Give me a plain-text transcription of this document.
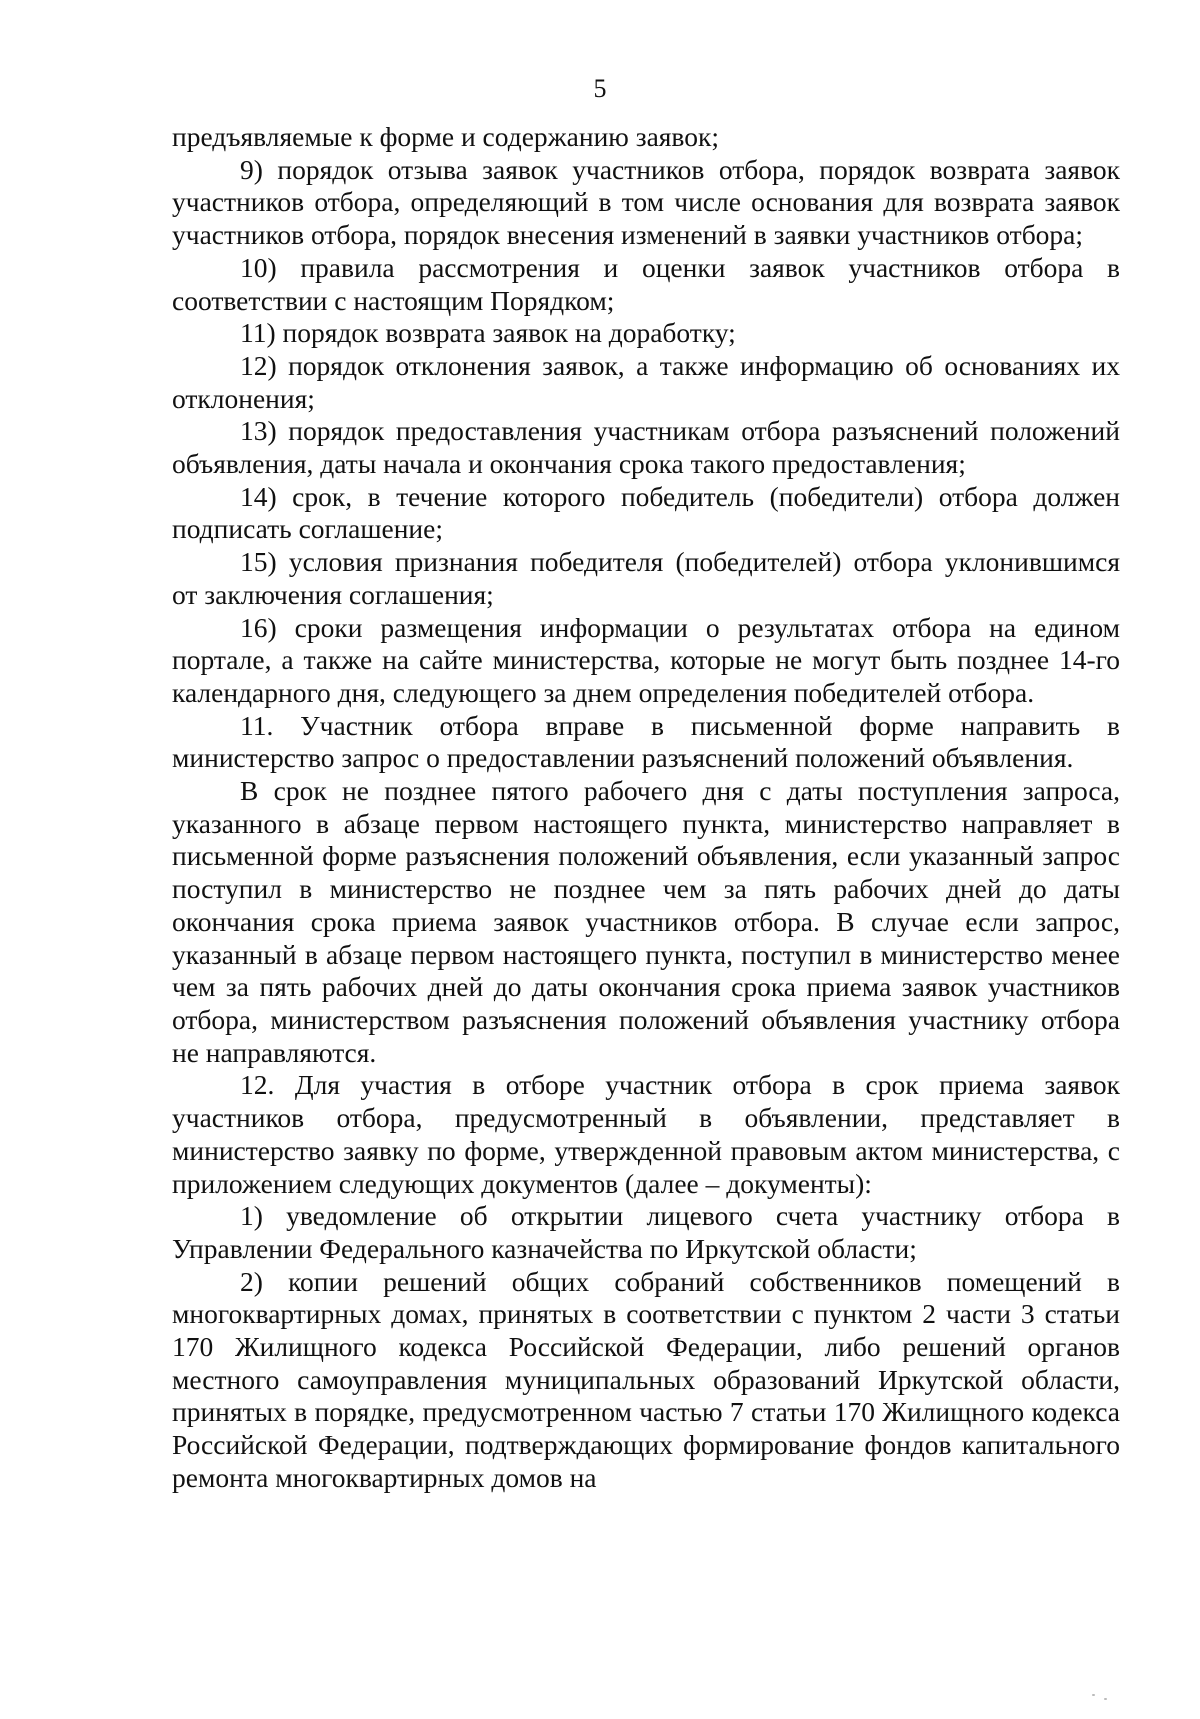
5

предъявляемые к форме и содержанию заявок;

9) порядок отзыва заявок участников отбора, порядок возврата заявок участников отбора, определяющий в том числе основания для возврата заявок участников отбора, порядок внесения изменений в заявки участников отбора;

10) правила рассмотрения и оценки заявок участников отбора в соответствии с настоящим Порядком;

11) порядок возврата заявок на доработку;

12) порядок отклонения заявок, а также информацию об основаниях их отклонения;

13) порядок предоставления участникам отбора разъяснений положений объявления, даты начала и окончания срока такого предоставления;

14) срок, в течение которого победитель (победители) отбора должен подписать соглашение;

15) условия признания победителя (победителей) отбора уклонившимся от заключения соглашения;

16) сроки размещения информации о результатах отбора на едином портале, а также на сайте министерства, которые не могут быть позднее 14-го календарного дня, следующего за днем определения победителей отбора.

11. Участник отбора вправе в письменной форме направить в министерство запрос о предоставлении разъяснений положений объявления.

В срок не позднее пятого рабочего дня с даты поступления запроса, указанного в абзаце первом настоящего пункта, министерство направляет в письменной форме разъяснения положений объявления, если указанный запрос поступил в министерство не позднее чем за пять рабочих дней до даты окончания срока приема заявок участников отбора. В случае если запрос, указанный в абзаце первом настоящего пункта, поступил в министерство менее чем за пять рабочих дней до даты окончания срока приема заявок участников отбора, министерством разъяснения положений объявления участнику отбора не направляются.

12. Для участия в отборе участник отбора в срок приема заявок участников отбора, предусмотренный в объявлении, представляет в министерство заявку по форме, утвержденной правовым актом министерства, с приложением следующих документов (далее – документы):

1) уведомление об открытии лицевого счета участнику отбора в Управлении Федерального казначейства по Иркутской области;

2) копии решений общих собраний собственников помещений в многоквартирных домах, принятых в соответствии с пунктом 2 части 3 статьи 170 Жилищного кодекса Российской Федерации, либо решений органов местного самоуправления муниципальных образований Иркутской области, принятых в порядке, предусмотренном частью 7 статьи 170 Жилищного кодекса Российской Федерации, подтверждающих формирование фондов капитального ремонта многоквартирных домов на
